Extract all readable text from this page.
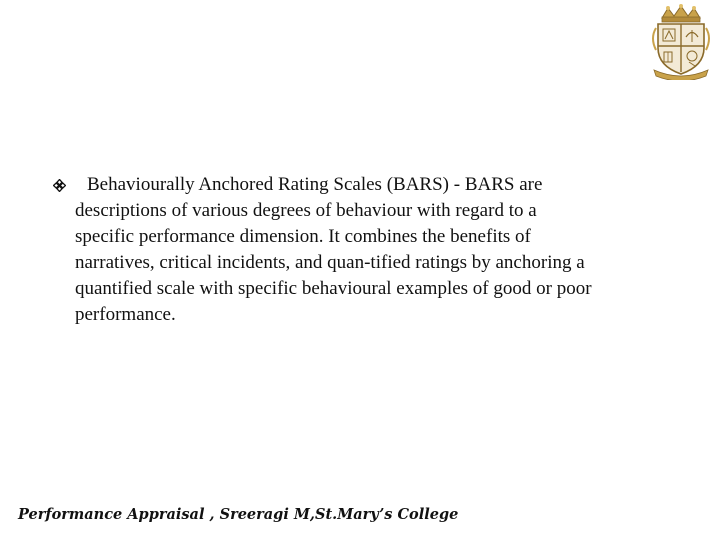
Behaviourally Anchored Rating Scales (BARS) - BARS are
descriptions of various degrees of behaviour with regard to a
specific performance dimension. It combines the benefits of
narratives, critical incidents, and quan-tified ratings by anchoring a
quantified scale with specific behavioural examples of good or poor
performance.

Performance Appraisal , Sreeragi M,St.Mary’s College
